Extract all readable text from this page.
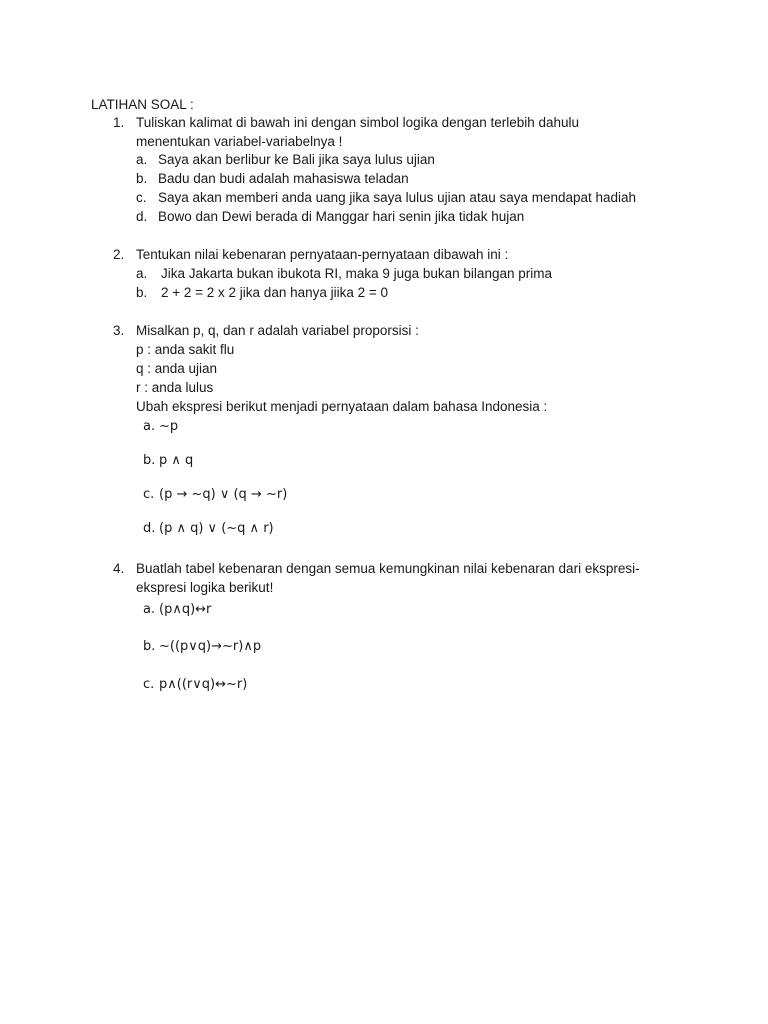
LATIHAN SOAL :
1. Tuliskan kalimat di bawah ini dengan simbol logika dengan terlebih dahulu
menentukan variabel-variabelnya !
a. Saya akan berlibur ke Bali jika saya lulus ujian
b. Badu dan budi adalah mahasiswa teladan
c. Saya akan memberi anda uang jika saya lulus ujian atau saya mendapat hadiah
d. Bowo dan Dewi berada di Manggar hari senin jika tidak hujan
2. Tentukan nilai kebenaran pernyataan-pernyataan dibawah ini :
a. Jika Jakarta bukan ibukota RI, maka 9 juga bukan bilangan prima
b. 2 + 2 = 2 x 2 jika dan hanya jiika 2 = 0
3. Misalkan p, q, dan r adalah variabel proporsisi :
p : anda sakit flu
q : anda ujian
r : anda lulus
Ubah ekspresi berikut menjadi pernyataan dalam bahasa Indonesia :
a. ~p
b. p ∧ q
c. (p → ~q) ∨ (q → ~r)
d. (p ∧ q) ∨ (~q ∧ r)
4. Buatlah tabel kebenaran dengan semua kemungkinan nilai kebenaran dari ekspresi-
ekspresi logika berikut!
a. (p∧q)↔r
b. ~((p∨q)→~r)∧p
c. p∧((r∨q)↔~r)
